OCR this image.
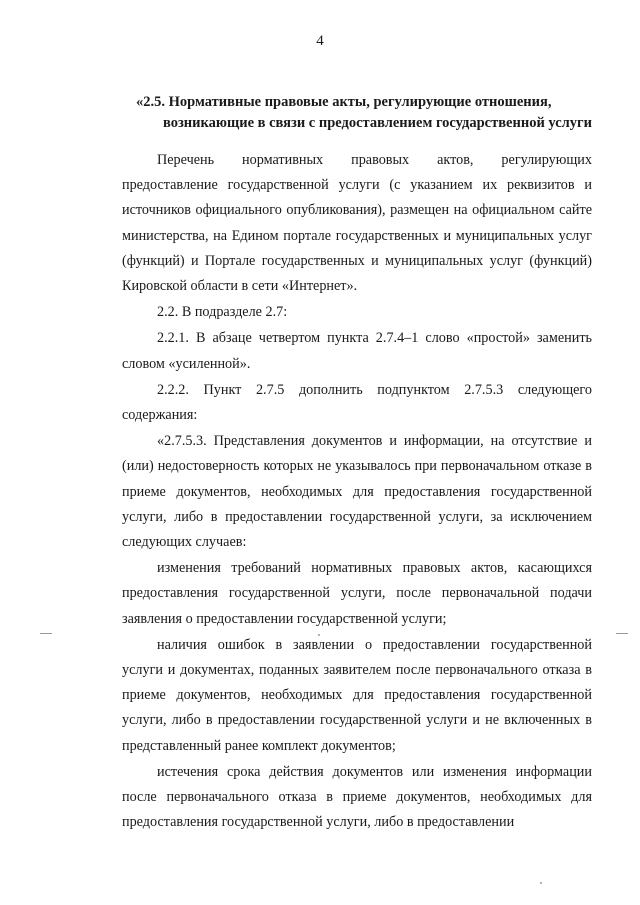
4
«2.5. Нормативные правовые акты, регулирующие отношения,
возникающие в связи с предоставлением государственной услуги

Перечень нормативных правовых актов, регулирующих предоставление государственной услуги (с указанием их реквизитов и источников официального опубликования), размещен на официальном сайте министерства, на Едином портале государственных и муниципальных услуг (функций) и Портале государственных и муниципальных услуг (функций) Кировской области в сети «Интернет».

2.2. В подразделе 2.7:

2.2.1. В абзаце четвертом пункта 2.7.4–1 слово «простой» заменить словом «усиленной».

2.2.2. Пункт 2.7.5 дополнить подпунктом 2.7.5.3 следующего содержания:

«2.7.5.3. Представления документов и информации, на отсутствие и (или) недостоверность которых не указывалось при первоначальном отказе в приеме документов, необходимых для предоставления государственной услуги, либо в предоставлении государственной услуги, за исключением следующих случаев:

изменения требований нормативных правовых актов, касающихся предоставления государственной услуги, после первоначальной подачи заявления о предоставлении государственной услуги;

наличия ошибок в заявлении о предоставлении государственной услуги и документах, поданных заявителем после первоначального отказа в приеме документов, необходимых для предоставления государственной услуги, либо в предоставлении государственной услуги и не включенных в представленный ранее комплект документов;

истечения срока действия документов или изменения информации после первоначального отказа в приеме документов, необходимых для предоставления государственной услуги, либо в предоставлении
